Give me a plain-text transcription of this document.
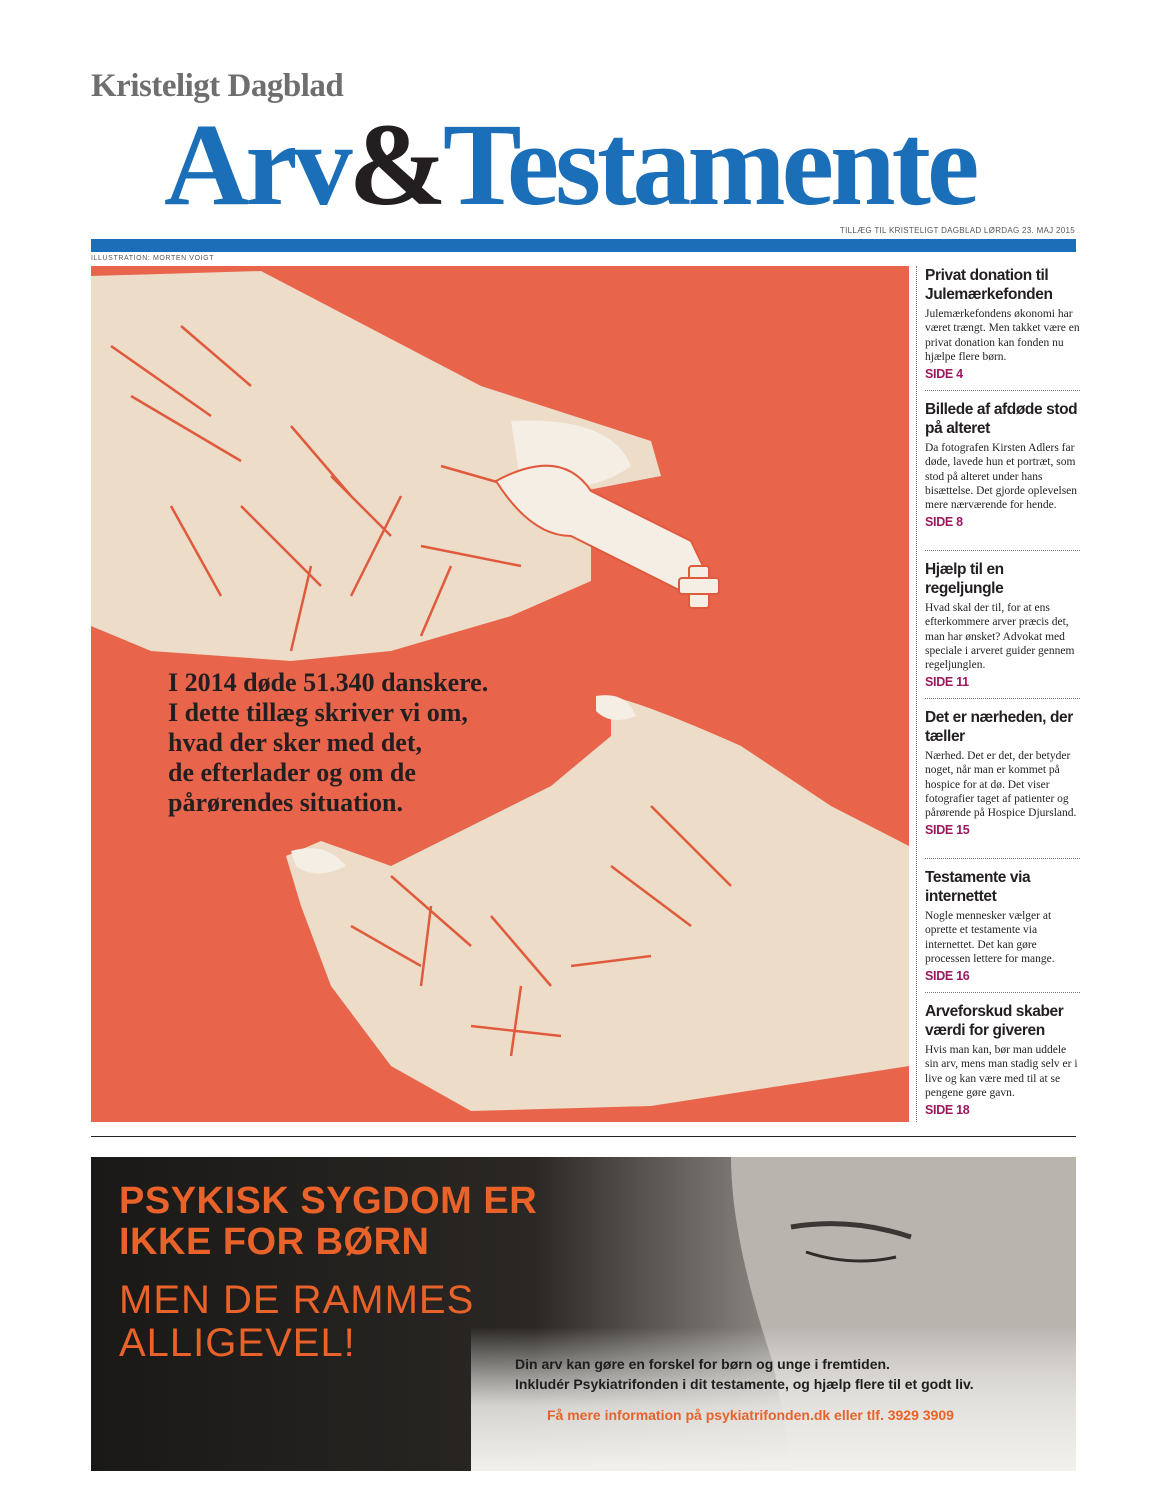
Kristeligt Dagblad
Arv&Testamente
TILLÆG TIL KRISTELIGT DAGBLAD LØRDAG 23. MAJ 2015
ILLUSTRATION: MORTEN VOIGT
I 2014 døde 51.340 danskere.
I dette tillæg skriver vi om,
hvad der sker med det,
de efterlader og om de
pårørendes situation.
Privat donation til Julemærkefonden

Julemærkefondens økonomi har været trængt. Men takket være en privat donation kan fonden nu hjælpe flere børn.

SIDE 4
Billede af afdøde stod på alteret

Da fotografen Kirsten Adlers far døde, lavede hun et portræt, som stod på alteret under hans bisættelse. Det gjorde oplevelsen mere nærværende for hende.

SIDE 8
Hjælp til en regeljungle

Hvad skal der til, for at ens efterkommere arver præcis det, man har ønsket? Advokat med speciale i arveret guider gennem regeljunglen.

SIDE 11
Det er nærheden, der tæller

Nærhed. Det er det, der betyder noget, når man er kommet på hospice for at dø. Det viser fotografier taget af patienter og pårørende på Hospice Djursland.

SIDE 15
Testamente via internettet

Nogle mennesker vælger at oprette et testamente via internettet. Det kan gøre processen lettere for mange.

SIDE 16
Arveforskud skaber værdi for giveren

Hvis man kan, bør man uddele sin arv, mens man stadig selv er i live og kan være med til at se pengene gøre gavn.

SIDE 18
PSYKISK SYGDOM ER
IKKE FOR BØRN
MEN DE RAMMES
ALLIGEVEL!	Din arv kan gøre en forskel for børn og unge i fremtiden.
Inkludér Psykiatrifonden i dit testamente, og hjælp flere til et godt liv.
Få mere information på psykiatrifonden.dk eller tlf. 3929 3909
